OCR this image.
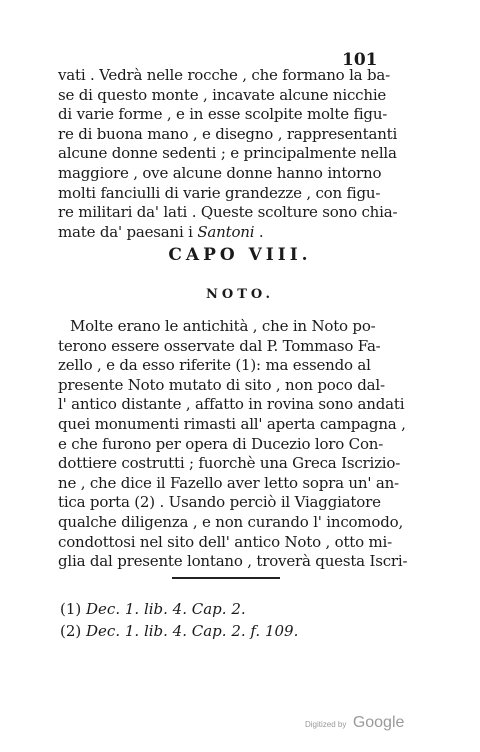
101
vati . Vedrà nelle rocche , che formano la ba-
se di questo monte , incavate alcune nicchie
di varie forme , e in esse scolpite molte figu-
re di buona mano , e disegno , rappresentanti
alcune donne sedenti ; e principalmente nella
maggiore , ove alcune donne hanno intorno
molti fanciulli di varie grandezze , con figu-
re militari da' lati . Queste scolture sono chia-
mate da' paesani i Santoni .
CAPO VIII.
NOTO.
Molte erano le antichità , che in Noto po-
terono essere osservate dal P. Tommaso Fa-
zello , e da esso riferite (1): ma essendo al
presente Noto mutato di sito , non poco dal-
l' antico distante , affatto in rovina sono andati
quei monumenti rimasti all' aperta campagna ,
e che furono per opera di Ducezio loro Con-
dottiere costrutti ; fuorchè una Greca Iscrizio-
ne , che dice il Fazello aver letto sopra un' an-
tica porta (2) . Usando perciò il Viaggiatore
qualche diligenza , e non curando l' incomodo,
condottosi nel sito dell' antico Noto , otto mi-
glia dal presente lontano , troverà questa Iscri-
(1) Dec. 1. lib. 4. Cap. 2.
(2) Dec. 1. lib. 4. Cap. 2. f. 109.
Digitized by Google
